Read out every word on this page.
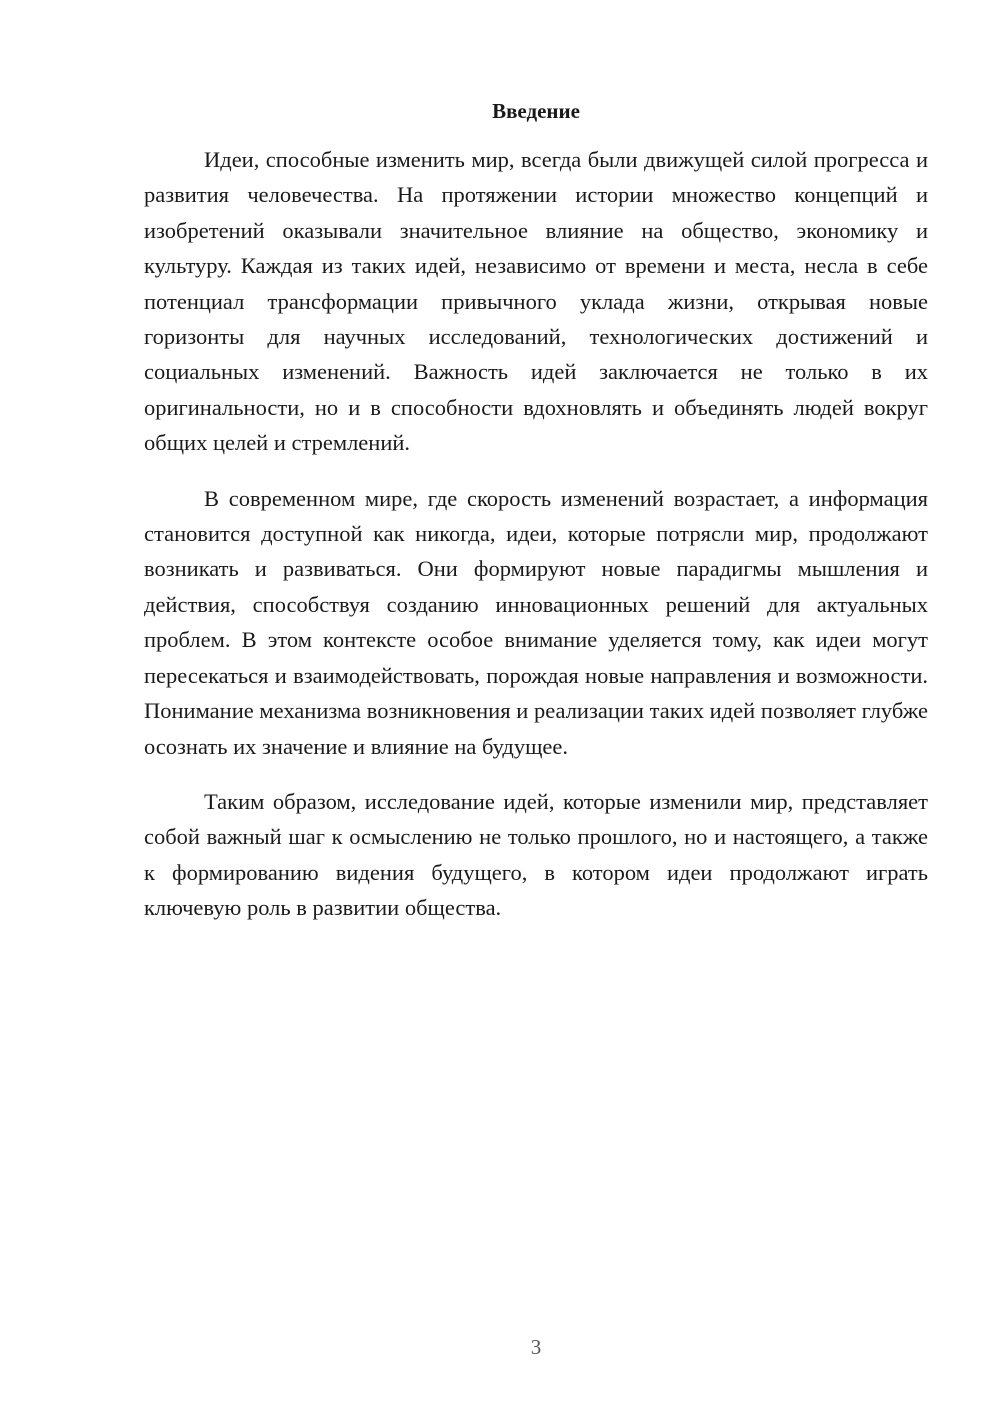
Введение

Идеи, способные изменить мир, всегда были движущей силой прогресса и развития человечества. На протяжении истории множество концепций и изобретений оказывали значительное влияние на общество, экономику и культуру. Каждая из таких идей, независимо от времени и места, несла в себе потенциал трансформации привычного уклада жизни, открывая новые горизонты для научных исследований, технологических достижений и социальных изменений. Важность идей заключается не только в их оригинальности, но и в способности вдохновлять и объединять людей вокруг общих целей и стремлений.

В современном мире, где скорость изменений возрастает, а информация становится доступной как никогда, идеи, которые потрясли мир, продолжают возникать и развиваться. Они формируют новые парадигмы мышления и действия, способствуя созданию инновационных решений для актуальных проблем. В этом контексте особое внимание уделяется тому, как идеи могут пересекаться и взаимодействовать, порождая новые направления и возможности. Понимание механизма возникновения и реализации таких идей позволяет глубже осознать их значение и влияние на будущее.

Таким образом, исследование идей, которые изменили мир, представляет собой важный шаг к осмыслению не только прошлого, но и настоящего, а также к формированию видения будущего, в котором идеи продолжают играть ключевую роль в развитии общества.

3
